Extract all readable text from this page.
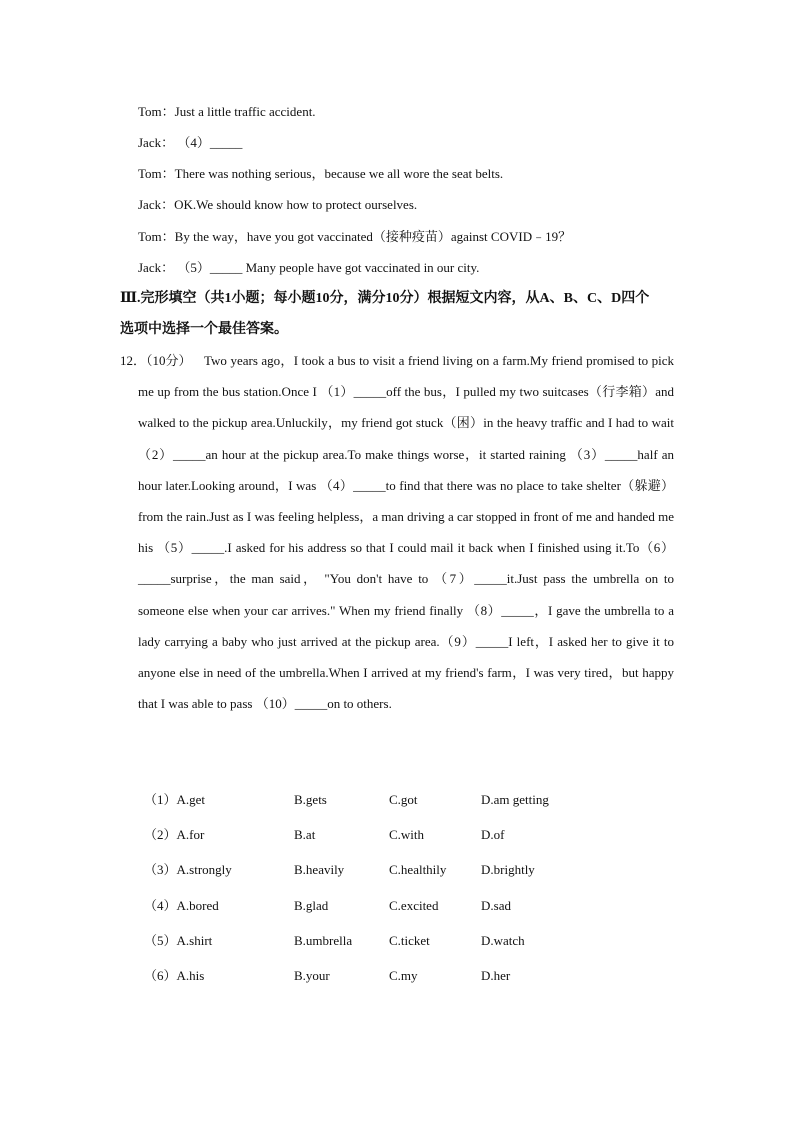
Tom：Just a little traffic accident.
Jack： （4）_____
Tom：There was nothing serious，because we all wore the seat belts.
Jack：OK.We should know how to protect ourselves.
Tom：By the way，have you got vaccinated（接种疫苗）against COVID﹣19？
Jack： （5）_____ Many people have got vaccinated in our city.
Ⅲ.完形填空（共1小题；每小题10分，满分10分）根据短文内容，从A、B、C、D四个
选项中选择一个最佳答案。
12．（10分） Two years ago，I took a bus to visit a friend living on a farm.My friend promised to pick me up from the bus station.Once I （1）_____off the bus，I pulled my two suitcases（行李箱）and walked to the pickup area.Unluckily，my friend got stuck（困）in the heavy traffic and I had to wait （2）_____an hour at the pickup area.To make things worse，it started raining （3）_____half an hour later.Looking around，I was （4）_____to find that there was no place to take shelter（躲避）from the rain.Just as I was feeling helpless，a man driving a car stopped in front of me and handed me his （5）_____.I asked for his address so that I could mail it back when I finished using it.To（6）_____surprise，the man said， "You don't have to （7）_____it.Just pass the umbrella on to someone else when your car arrives." When my friend finally （8）_____，I gave the umbrella to a lady carrying a baby who just arrived at the pickup area.（9）_____I left，I asked her to give it to anyone else in need of the umbrella.When I arrived at my friend's farm，I was very tired，but happy that I was able to pass （10）_____on to others.
（1）A.get	B.gets	C.got	D.am getting
（2）A.for	B.at	C.with	D.of
（3）A.strongly	B.heavily	C.healthily	D.brightly
（4）A.bored	B.glad	C.excited	D.sad
（5）A.shirt	B.umbrella	C.ticket	D.watch
（6）A.his	B.your	C.my	D.her
